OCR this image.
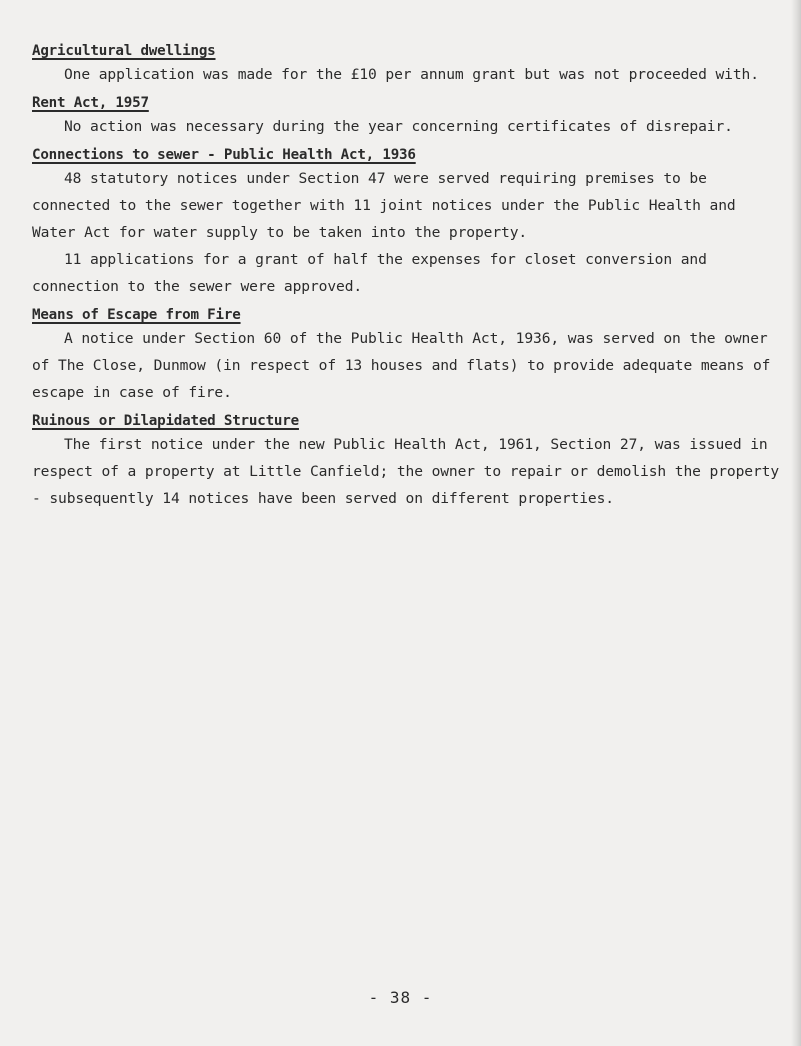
Agricultural dwellings

One application was made for the £10 per annum grant but was not proceeded with.

Rent Act, 1957

No action was necessary during the year concerning certificates of disrepair.

Connections to sewer - Public Health Act, 1936

48 statutory notices under Section 47 were served requiring premises to be connected to the sewer together with 11 joint notices under the Public Health and Water Act for water supply to be taken into the property.

11 applications for a grant of half the expenses for closet conversion and connection to the sewer were approved.

Means of Escape from Fire

A notice under Section 60 of the Public Health Act, 1936, was served on the owner of The Close, Dunmow (in respect of 13 houses and flats) to provide adequate means of escape in case of fire.

Ruinous or Dilapidated Structure

The first notice under the new Public Health Act, 1961, Section 27, was issued in respect of a property at Little Canfield; the owner to repair or demolish the property - subsequently 14 notices have been served on different properties.

- 38 -
